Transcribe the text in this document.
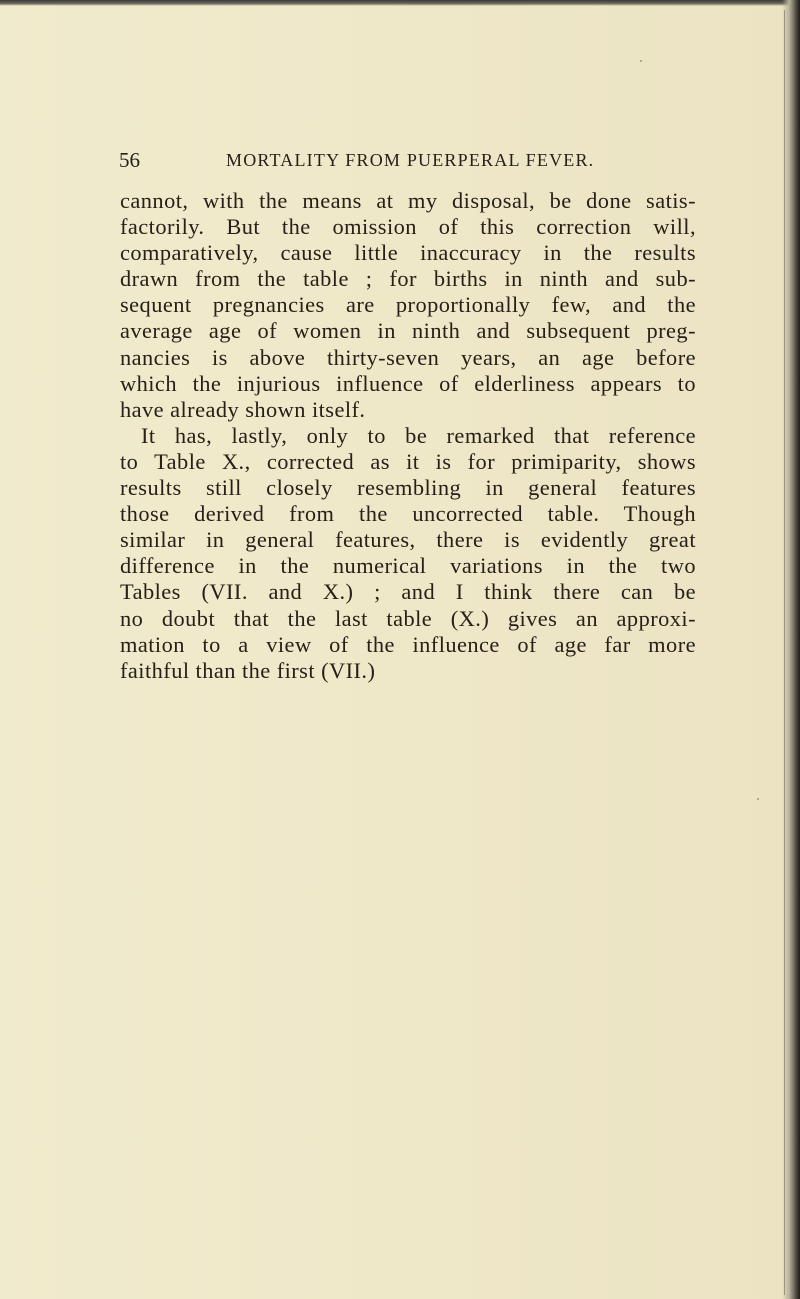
56	MORTALITY FROM PUERPERAL FEVER.
cannot, with the means at my disposal, be done satis-
factorily. But the omission of this correction will,
comparatively, cause little inaccuracy in the results
drawn from the table ; for births in ninth and sub-
sequent pregnancies are proportionally few, and the
average age of women in ninth and subsequent preg-
nancies is above thirty-seven years, an age before
which the injurious influence of elderliness appears to
have already shown itself.
It has, lastly, only to be remarked that reference
to Table X., corrected as it is for primiparity, shows
results still closely resembling in general features
those derived from the uncorrected table. Though
similar in general features, there is evidently great
difference in the numerical variations in the two
Tables (VII. and X.) ; and I think there can be
no doubt that the last table (X.) gives an approxi-
mation to a view of the influence of age far more
faithful than the first (VII.)
